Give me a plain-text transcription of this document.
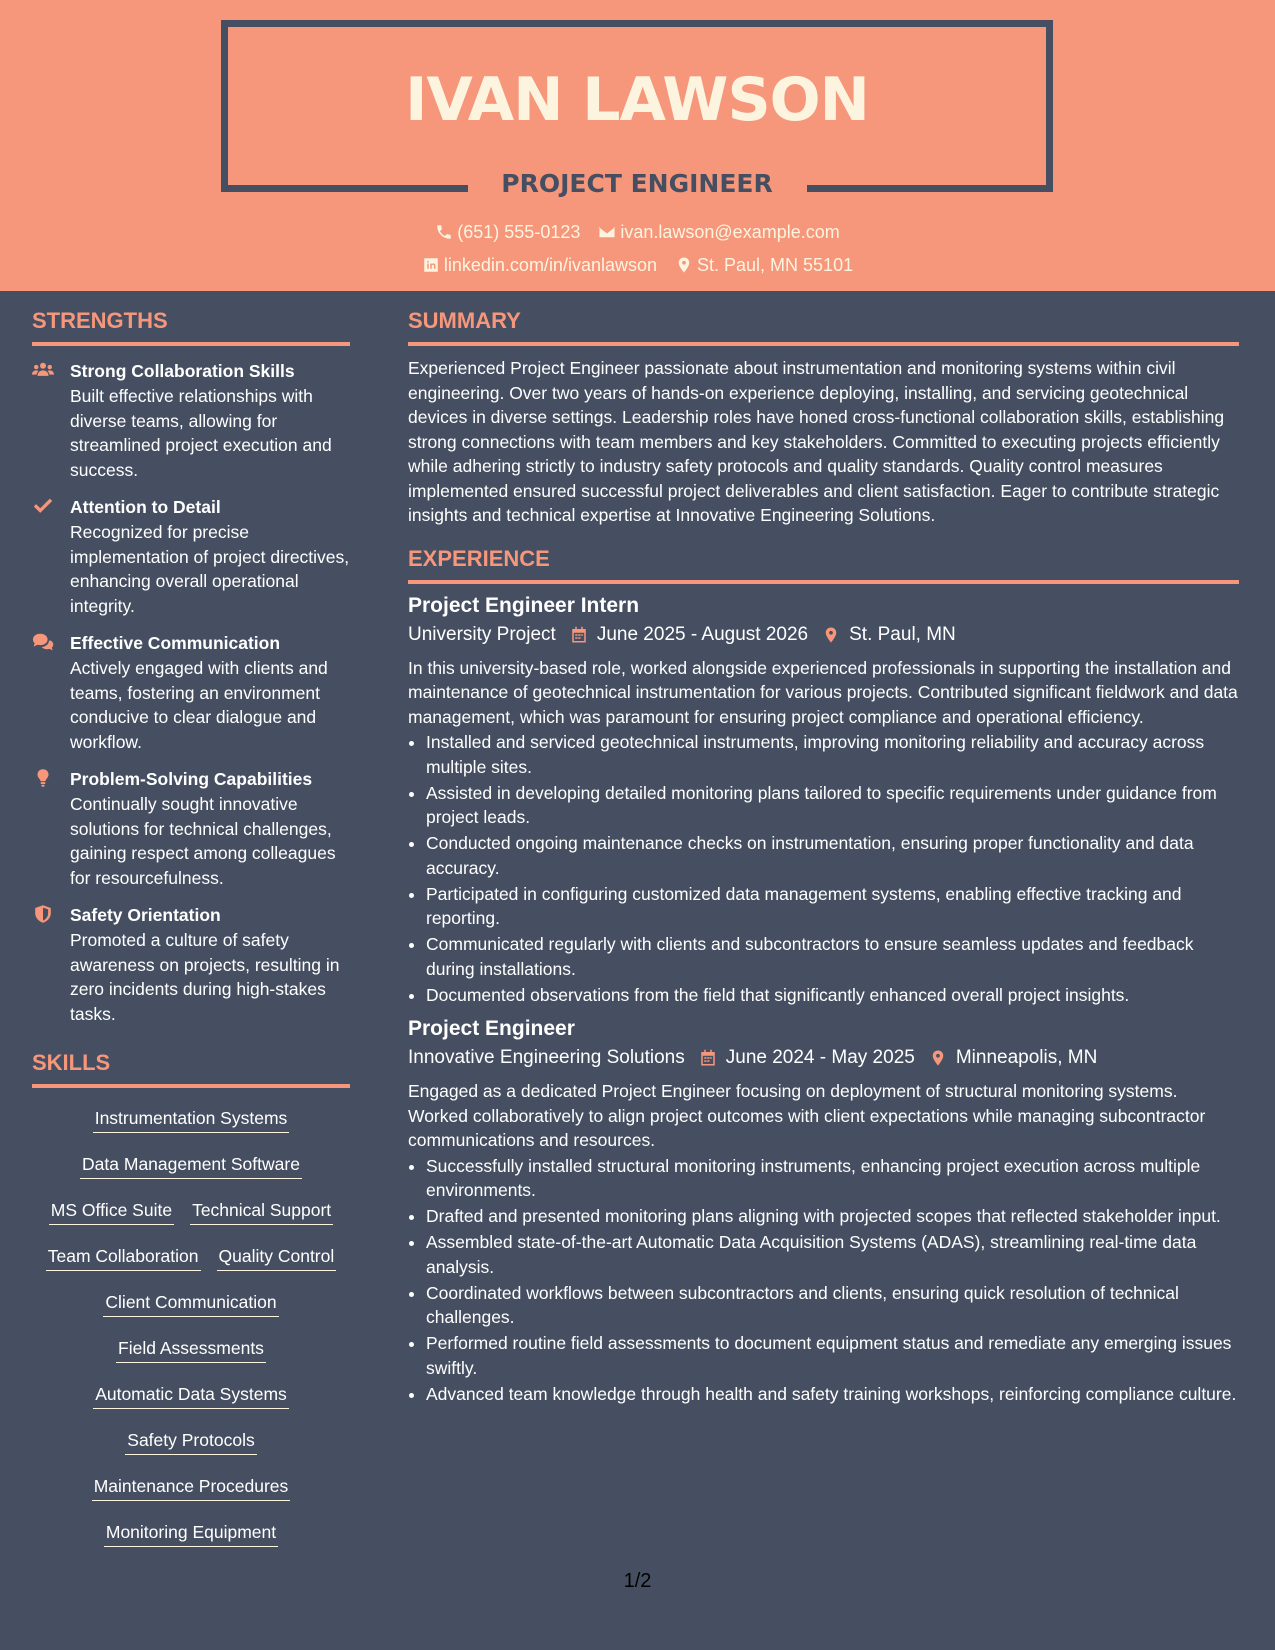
IVAN LAWSON
PROJECT ENGINEER
(651) 555-0123 ivan.lawson@example.com
linkedin.com/in/ivanlawson St. Paul, MN 55101
STRENGTHS
Strong Collaboration Skills
Built effective relationships with diverse teams, allowing for streamlined project execution and success.
Attention to Detail
Recognized for precise implementation of project directives, enhancing overall operational integrity.
Effective Communication
Actively engaged with clients and teams, fostering an environment conducive to clear dialogue and workflow.
Problem-Solving Capabilities
Continually sought innovative solutions for technical challenges, gaining respect among colleagues for resourcefulness.
Safety Orientation
Promoted a culture of safety awareness on projects, resulting in zero incidents during high-stakes tasks.
SKILLS
Instrumentation Systems
Data Management Software
MS Office Suite Technical Support
Team Collaboration Quality Control
Client Communication
Field Assessments
Automatic Data Systems
Safety Protocols
Maintenance Procedures
Monitoring Equipment
SUMMARY
Experienced Project Engineer passionate about instrumentation and monitoring systems within civil engineering. Over two years of hands-on experience deploying, installing, and servicing geotechnical devices in diverse settings. Leadership roles have honed cross-functional collaboration skills, establishing strong connections with team members and key stakeholders. Committed to executing projects efficiently while adhering strictly to industry safety protocols and quality standards. Quality control measures implemented ensured successful project deliverables and client satisfaction. Eager to contribute strategic insights and technical expertise at Innovative Engineering Solutions.
EXPERIENCE
Project Engineer Intern
University Project June 2025 - August 2026 St. Paul, MN
In this university-based role, worked alongside experienced professionals in supporting the installation and maintenance of geotechnical instrumentation for various projects. Contributed significant fieldwork and data management, which was paramount for ensuring project compliance and operational efficiency.
• Installed and serviced geotechnical instruments, improving monitoring reliability and accuracy across multiple sites.
• Assisted in developing detailed monitoring plans tailored to specific requirements under guidance from project leads.
• Conducted ongoing maintenance checks on instrumentation, ensuring proper functionality and data accuracy.
• Participated in configuring customized data management systems, enabling effective tracking and reporting.
• Communicated regularly with clients and subcontractors to ensure seamless updates and feedback during installations.
• Documented observations from the field that significantly enhanced overall project insights.
Project Engineer
Innovative Engineering Solutions June 2024 - May 2025 Minneapolis, MN
Engaged as a dedicated Project Engineer focusing on deployment of structural monitoring systems. Worked collaboratively to align project outcomes with client expectations while managing subcontractor communications and resources.
• Successfully installed structural monitoring instruments, enhancing project execution across multiple environments.
• Drafted and presented monitoring plans aligning with projected scopes that reflected stakeholder input.
• Assembled state-of-the-art Automatic Data Acquisition Systems (ADAS), streamlining real-time data analysis.
• Coordinated workflows between subcontractors and clients, ensuring quick resolution of technical challenges.
• Performed routine field assessments to document equipment status and remediate any emerging issues swiftly.
• Advanced team knowledge through health and safety training workshops, reinforcing compliance culture.
1/2
